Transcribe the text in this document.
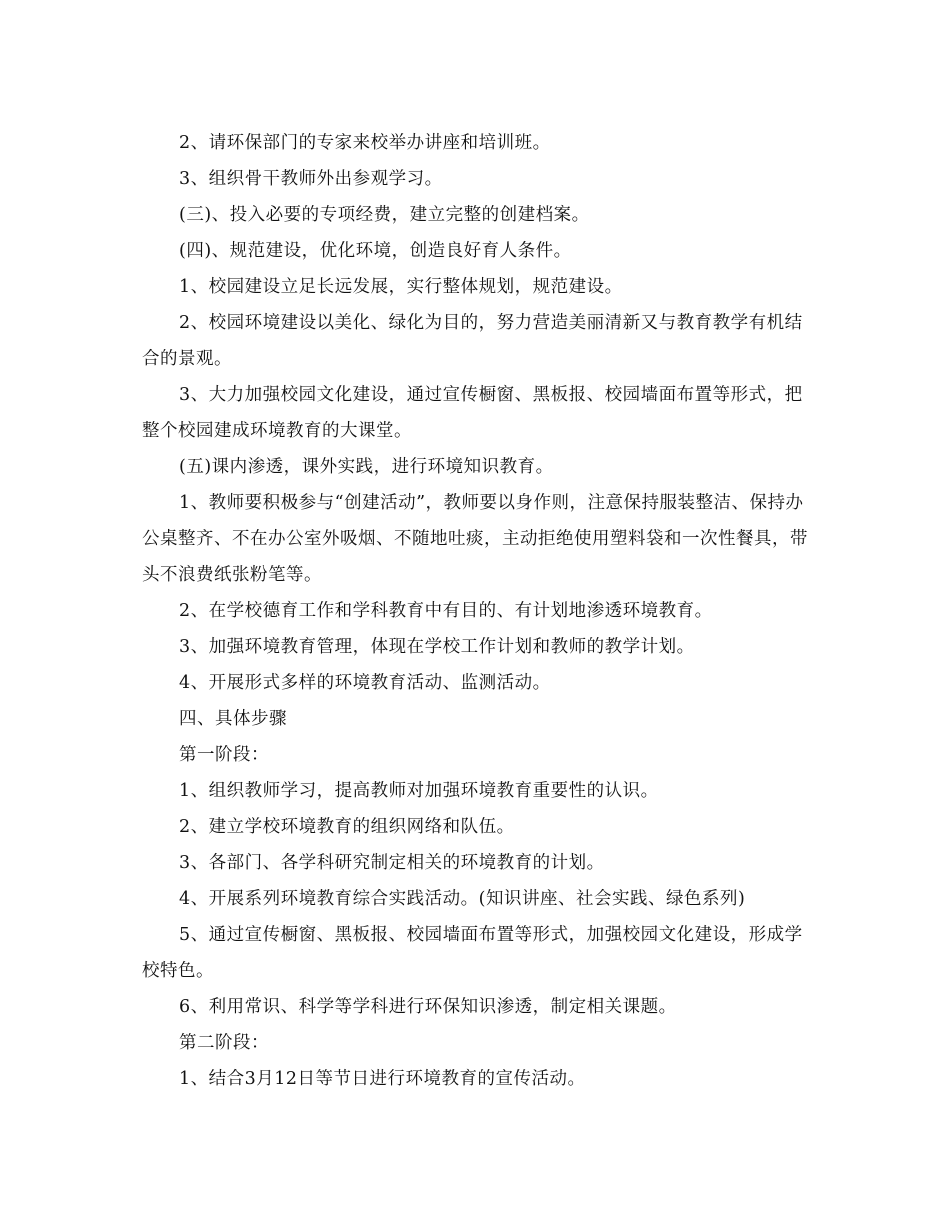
2、请环保部门的专家来校举办讲座和培训班。

3、组织骨干教师外出参观学习。

(三)、投入必要的专项经费，建立完整的创建档案。

(四)、规范建设，优化环境，创造良好育人条件。

1、校园建设立足长远发展，实行整体规划，规范建设。

2、校园环境建设以美化、绿化为目的，努力营造美丽清新又与教育教学有机结合的景观。

3、大力加强校园文化建设，通过宣传橱窗、黑板报、校园墙面布置等形式，把整个校园建成环境教育的大课堂。

(五)课内渗透，课外实践，进行环境知识教育。

1、教师要积极参与“创建活动”，教师要以身作则，注意保持服装整洁、保持办公桌整齐、不在办公室外吸烟、不随地吐痰，主动拒绝使用塑料袋和一次性餐具，带头不浪费纸张粉笔等。

2、在学校德育工作和学科教育中有目的、有计划地渗透环境教育。

3、加强环境教育管理，体现在学校工作计划和教师的教学计划。

4、开展形式多样的环境教育活动、监测活动。

四、具体步骤

第一阶段：

1、组织教师学习，提高教师对加强环境教育重要性的认识。

2、建立学校环境教育的组织网络和队伍。

3、各部门、各学科研究制定相关的环境教育的计划。

4、开展系列环境教育综合实践活动。(知识讲座、社会实践、绿色系列)

5、通过宣传橱窗、黑板报、校园墙面布置等形式，加强校园文化建设，形成学校特色。

6、利用常识、科学等学科进行环保知识渗透，制定相关课题。

第二阶段：

1、结合3月12日等节日进行环境教育的宣传活动。
